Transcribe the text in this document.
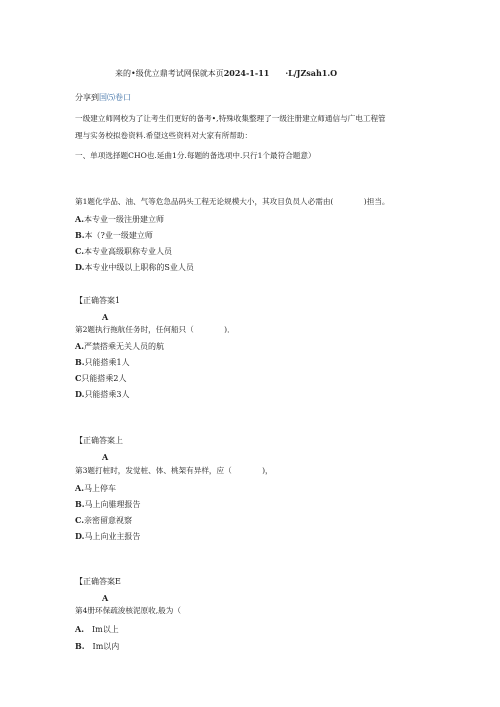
来的•级优立鼎考试网保就本页2024-1-11　　 ·L/JZsah1.O
分享到国⑸卷口
一级建立师网校为了让考生们更好的备考•,特殊收集整理了一级注册建立师通信与广电工程管
理与实务校拟卷资料.希望这些资料对大家有所帮助：
一、单项选择题CHO也.延曲1分.每题的备选项中.只行1个最符合题意）
第1题化学品、油、气等危急品码头工程无论规模大小，其攻目负员人必需由(　　　　)担当。
A.本专业一级注册建立师
B.本（?业一级建立师
C.本专业高级职称专业人员
D.本专业中级以上职称的S业人员
【正确答案1
A
第2题执行拖航任务时，任何船只（　　　　)．
A.严禁搭乘无关人员的航
B.只能搭乘1人
C只能搭乘2人
D.只能搭乘3人
【正确答案上
A
第3题打桩时，发觉桩、体、桃架有异样，应（　　　　)，
A.马上停车
B.马上向骓理报告
C.亲密留意视察
D.马上向业主报告
【正确答案E
A
第4册环保疏浚核泥原收,般为（
A.　Im以上
B.　Im以内
